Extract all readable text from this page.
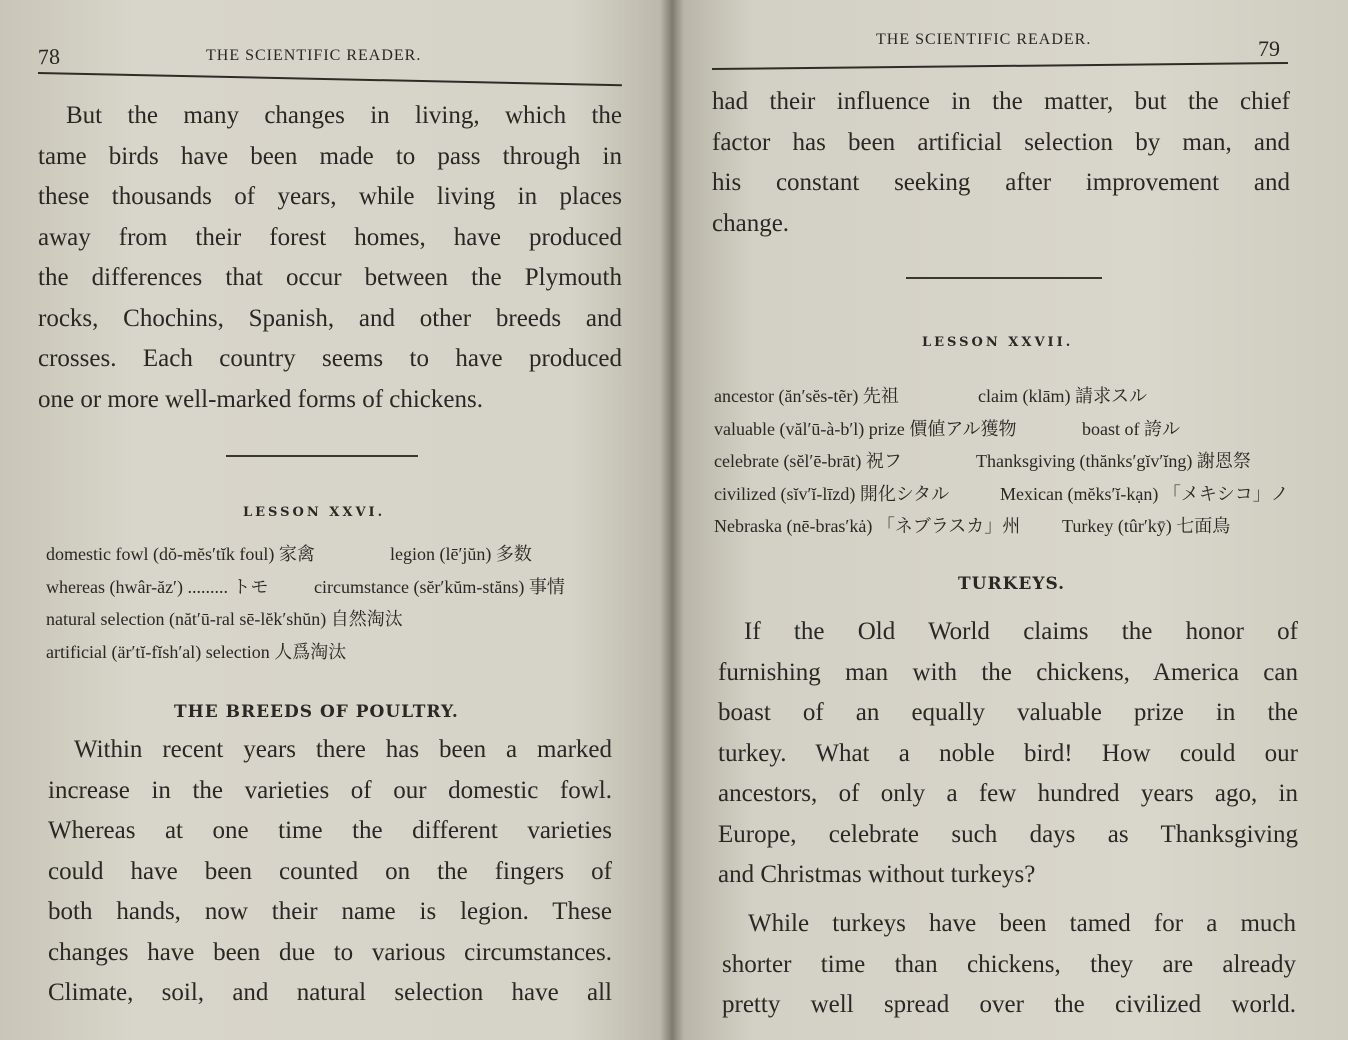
78	THE SCIENTIFIC READER.
But the many changes in living, which the
tame birds have been made to pass through in
these thousands of years, while living in places
away from their forest homes, have produced
the differences that occur between the Plymouth
rocks, Chochins, Spanish, and other breeds and
crosses. Each country seems to have produced
one or more well-marked forms of chickens.
LESSON XXVI.
domestic fowl (dŏ-mĕs′tĭk foul) 家禽	legion (lē′jŭn) 多数
whereas (hwâr-ăz′) ......... トモ	circumstance (sĕr′kŭm-stăns) 事情
natural selection (năt′ū-ral sē-lĕk′shŭn) 自然淘汰
artificial (är′tĭ-fĭsh′al) selection 人爲淘汰
THE BREEDS OF POULTRY.
Within recent years there has been a marked
increase in the varieties of our domestic fowl.
Whereas at one time the different varieties
could have been counted on the fingers of
both hands, now their name is legion. These
changes have been due to various circumstances.
Climate, soil, and natural selection have all
THE SCIENTIFIC READER.	79
had their influence in the matter, but the chief
factor has been artificial selection by man, and
his constant seeking after improvement and
change.
LESSON XXVII.
ancestor (ăn′sĕs-tẽr) 先祖	claim (klām) 請求スル
valuable (văl′ū-à-b′l) prize 價値アル獲物	boast of 誇ル
celebrate (sĕl′ē-brāt) 祝フ	Thanksgiving (thănks′gĭv′ĭng) 謝恩祭
civilized (sĭv′ĭ-līzd) 開化シタル	Mexican (mĕks′ĭ-kạn) 「メキシコ」ノ
Nebraska (nē-bras′kȧ) 「ネブラスカ」州 Turkey (tûr′kȳ) 七面鳥
TURKEYS.
If the Old World claims the honor of
furnishing man with the chickens, America can
boast of an equally valuable prize in the
turkey. What a noble bird! How could our
ancestors, of only a few hundred years ago, in
Europe, celebrate such days as Thanksgiving
and Christmas without turkeys?
While turkeys have been tamed for a much
shorter time than chickens, they are already
pretty well spread over the civilized world.
